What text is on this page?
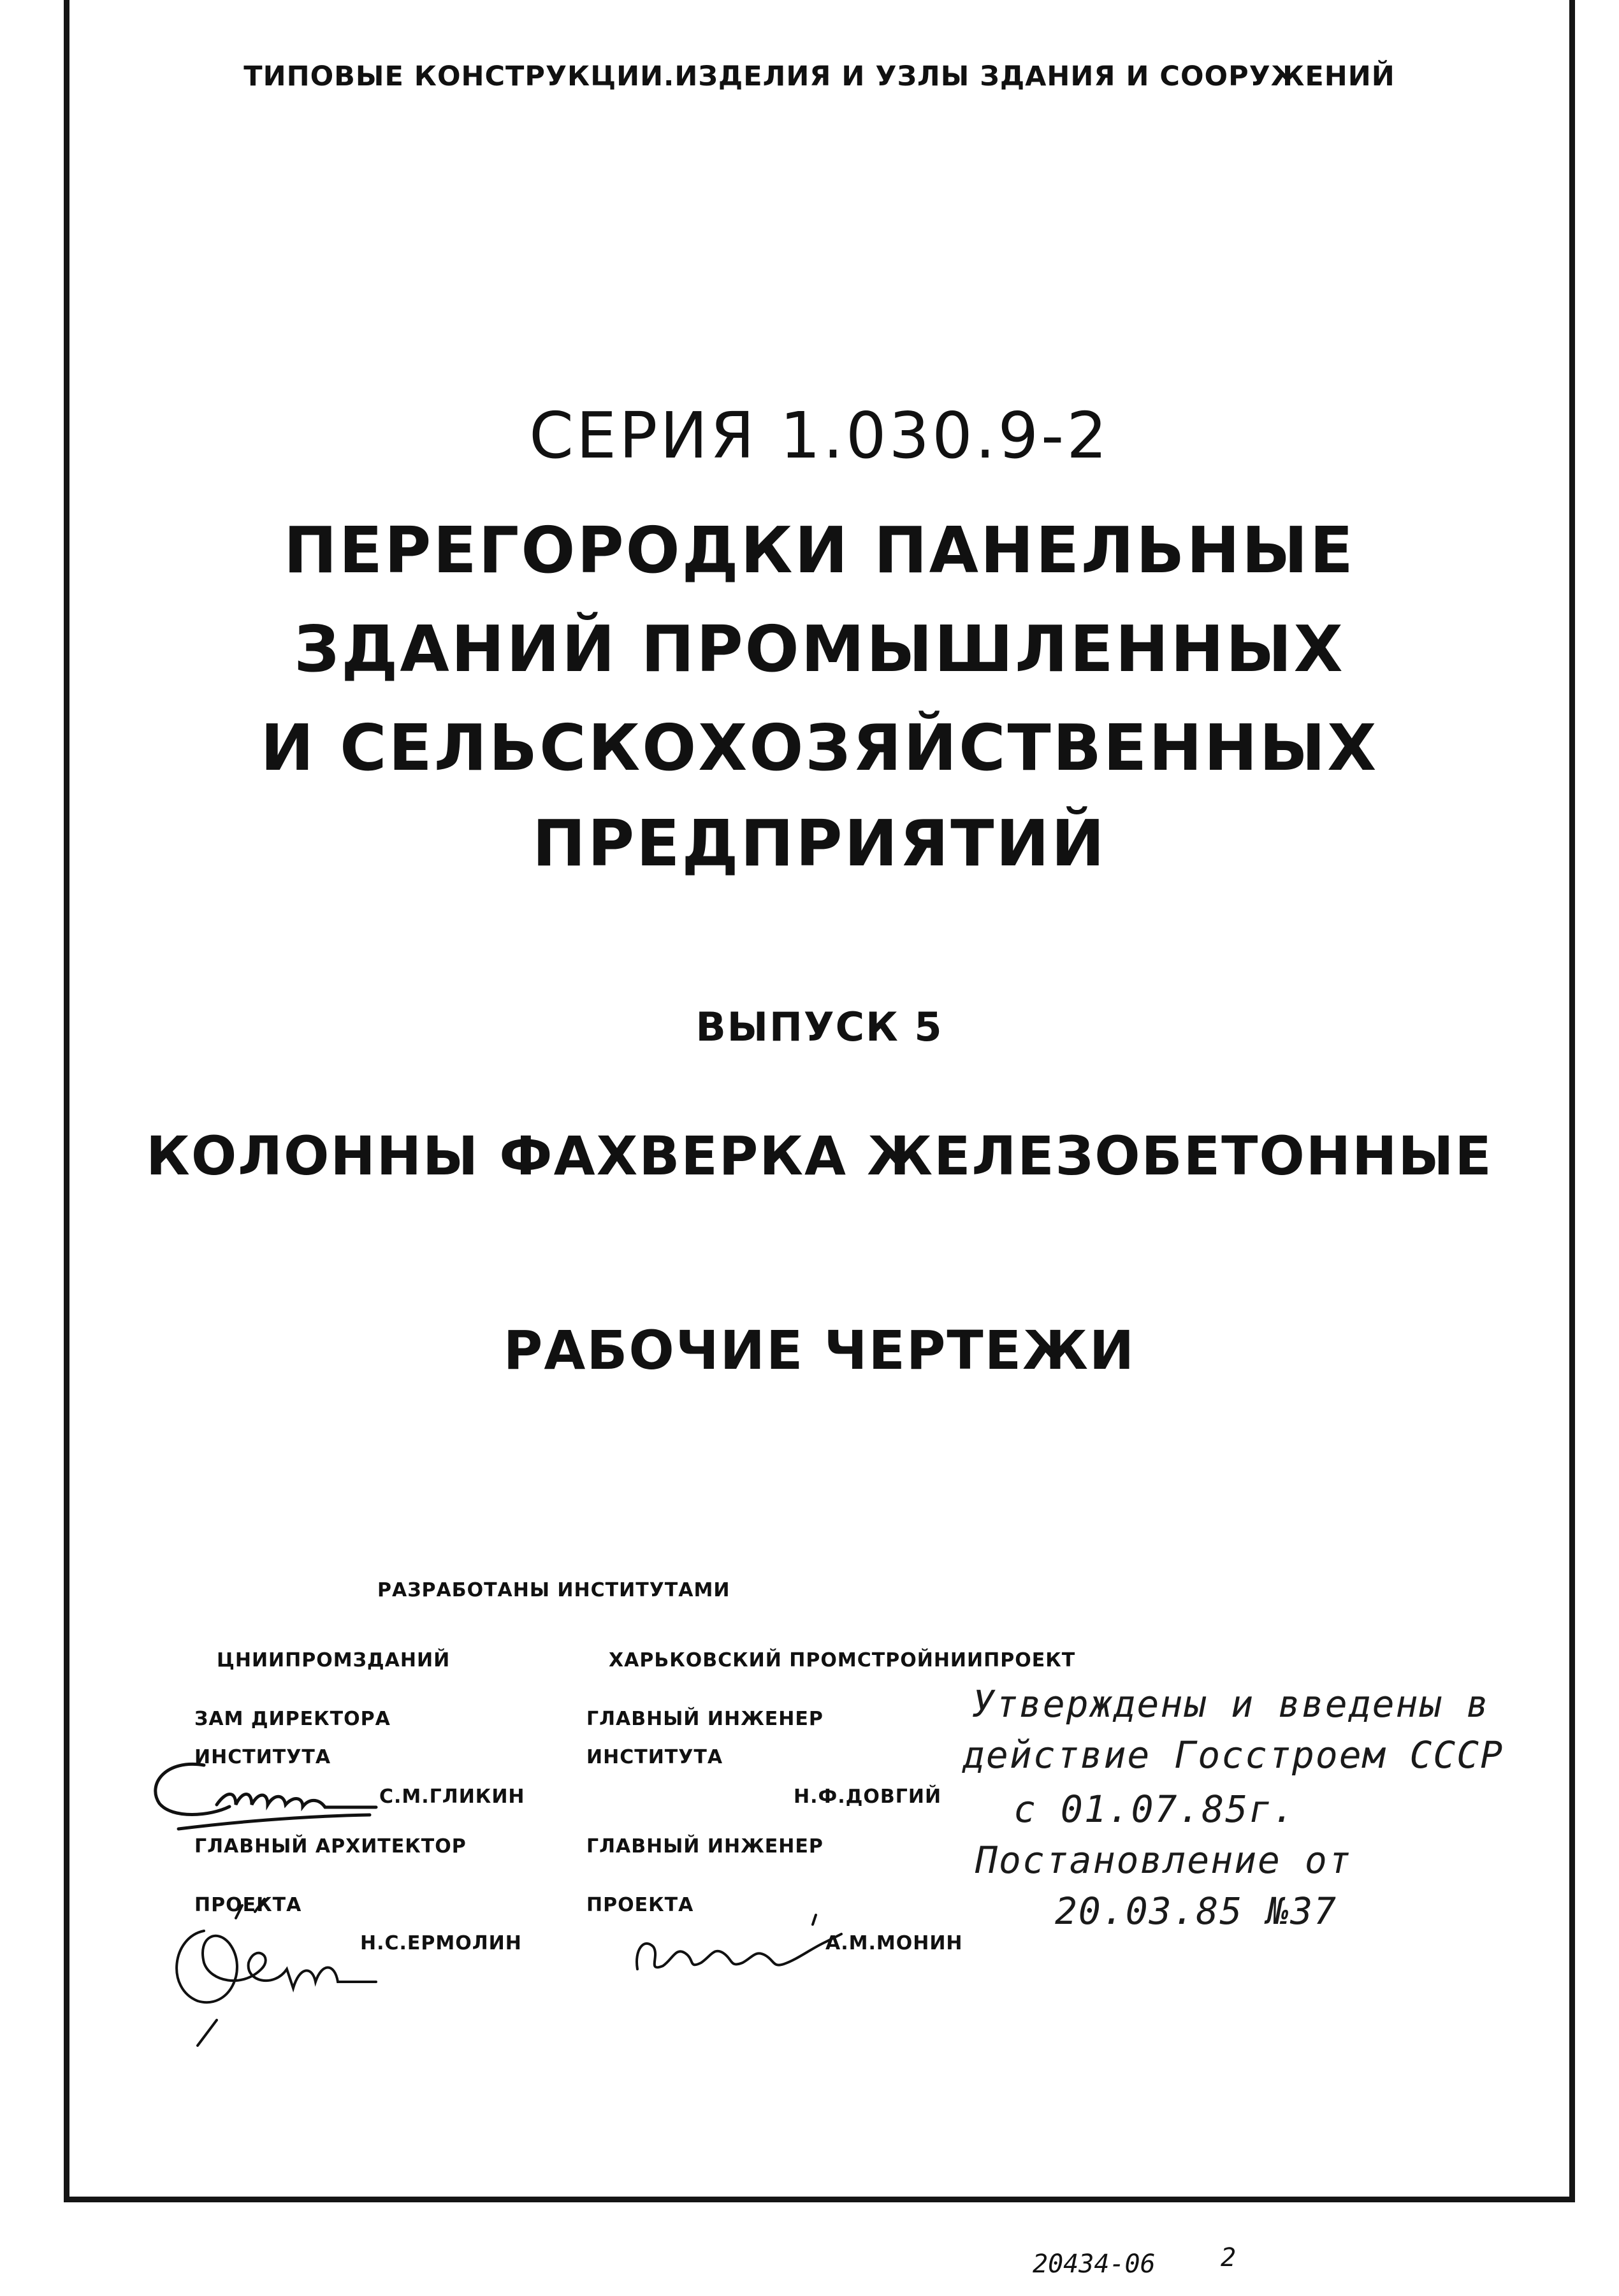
ТИПОВЫЕ КОНСТРУКЦИИ.ИЗДЕЛИЯ И УЗЛЫ ЗДАНИЯ И СООРУЖЕНИЙ
СЕРИЯ 1.030.9-2
ПЕРЕГОРОДКИ ПАНЕЛЬНЫЕ
ЗДАНИЙ ПРОМЫШЛЕННЫХ
И СЕЛЬСКОХОЗЯЙСТВЕННЫХ
ПРЕДПРИЯТИЙ
ВЫПУСК 5
КОЛОННЫ ФАХВЕРКА ЖЕЛЕЗОБЕТОННЫЕ
РАБОЧИЕ ЧЕРТЕЖИ
РАЗРАБОТАНЫ ИНСТИТУТАМИ
ЦНИИПРОМЗДАНИЙ
ЗАМ ДИРЕКТОРА
ИНСТИТУТА
С.М.ГЛИКИН
ГЛАВНЫЙ АРХИТЕКТОР
ПРОЕКТА
Н.С.ЕРМОЛИН
ХАРЬКОВСКИЙ ПРОМСТРОЙНИИПРОЕКТ
ГЛАВНЫЙ ИНЖЕНЕР
ИНСТИТУТА
Н.Ф.ДОВГИЙ
ГЛАВНЫЙ ИНЖЕНЕР
ПРОЕКТА
А.М.МОНИН
Утверждены и введены в
действие Госстроем СССР
с 01.07.85г.
Постановление от
20.03.85 №37
20434-06	2
